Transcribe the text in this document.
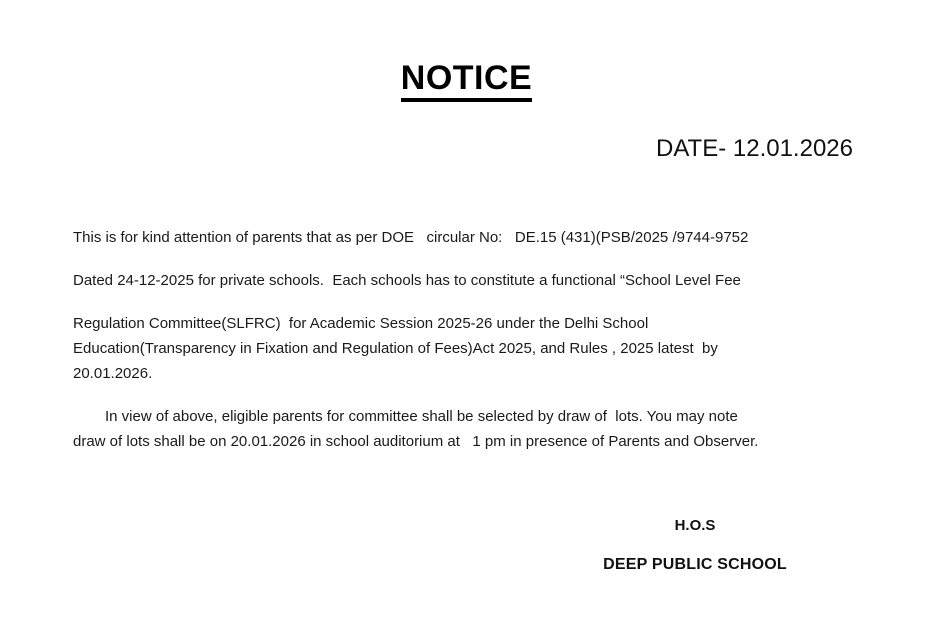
NOTICE
DATE- 12.01.2026
This is for kind attention of parents that as per DOE   circular No:   DE.15 (431)(PSB/2025 /9744-9752
Dated 24-12-2025 for private schools.  Each schools has to constitute a functional “School Level Fee
Regulation Committee(SLFRC)  for Academic Session 2025-26 under the Delhi School
Education(Transparency in Fixation and Regulation of Fees)Act 2025, and Rules , 2025 latest  by
20.01.2026.
In view of above, eligible parents for committee shall be selected by draw of  lots. You may note
draw of lots shall be on 20.01.2026 in school auditorium at   1 pm in presence of Parents and Observer.
H.O.S
DEEP PUBLIC SCHOOL
